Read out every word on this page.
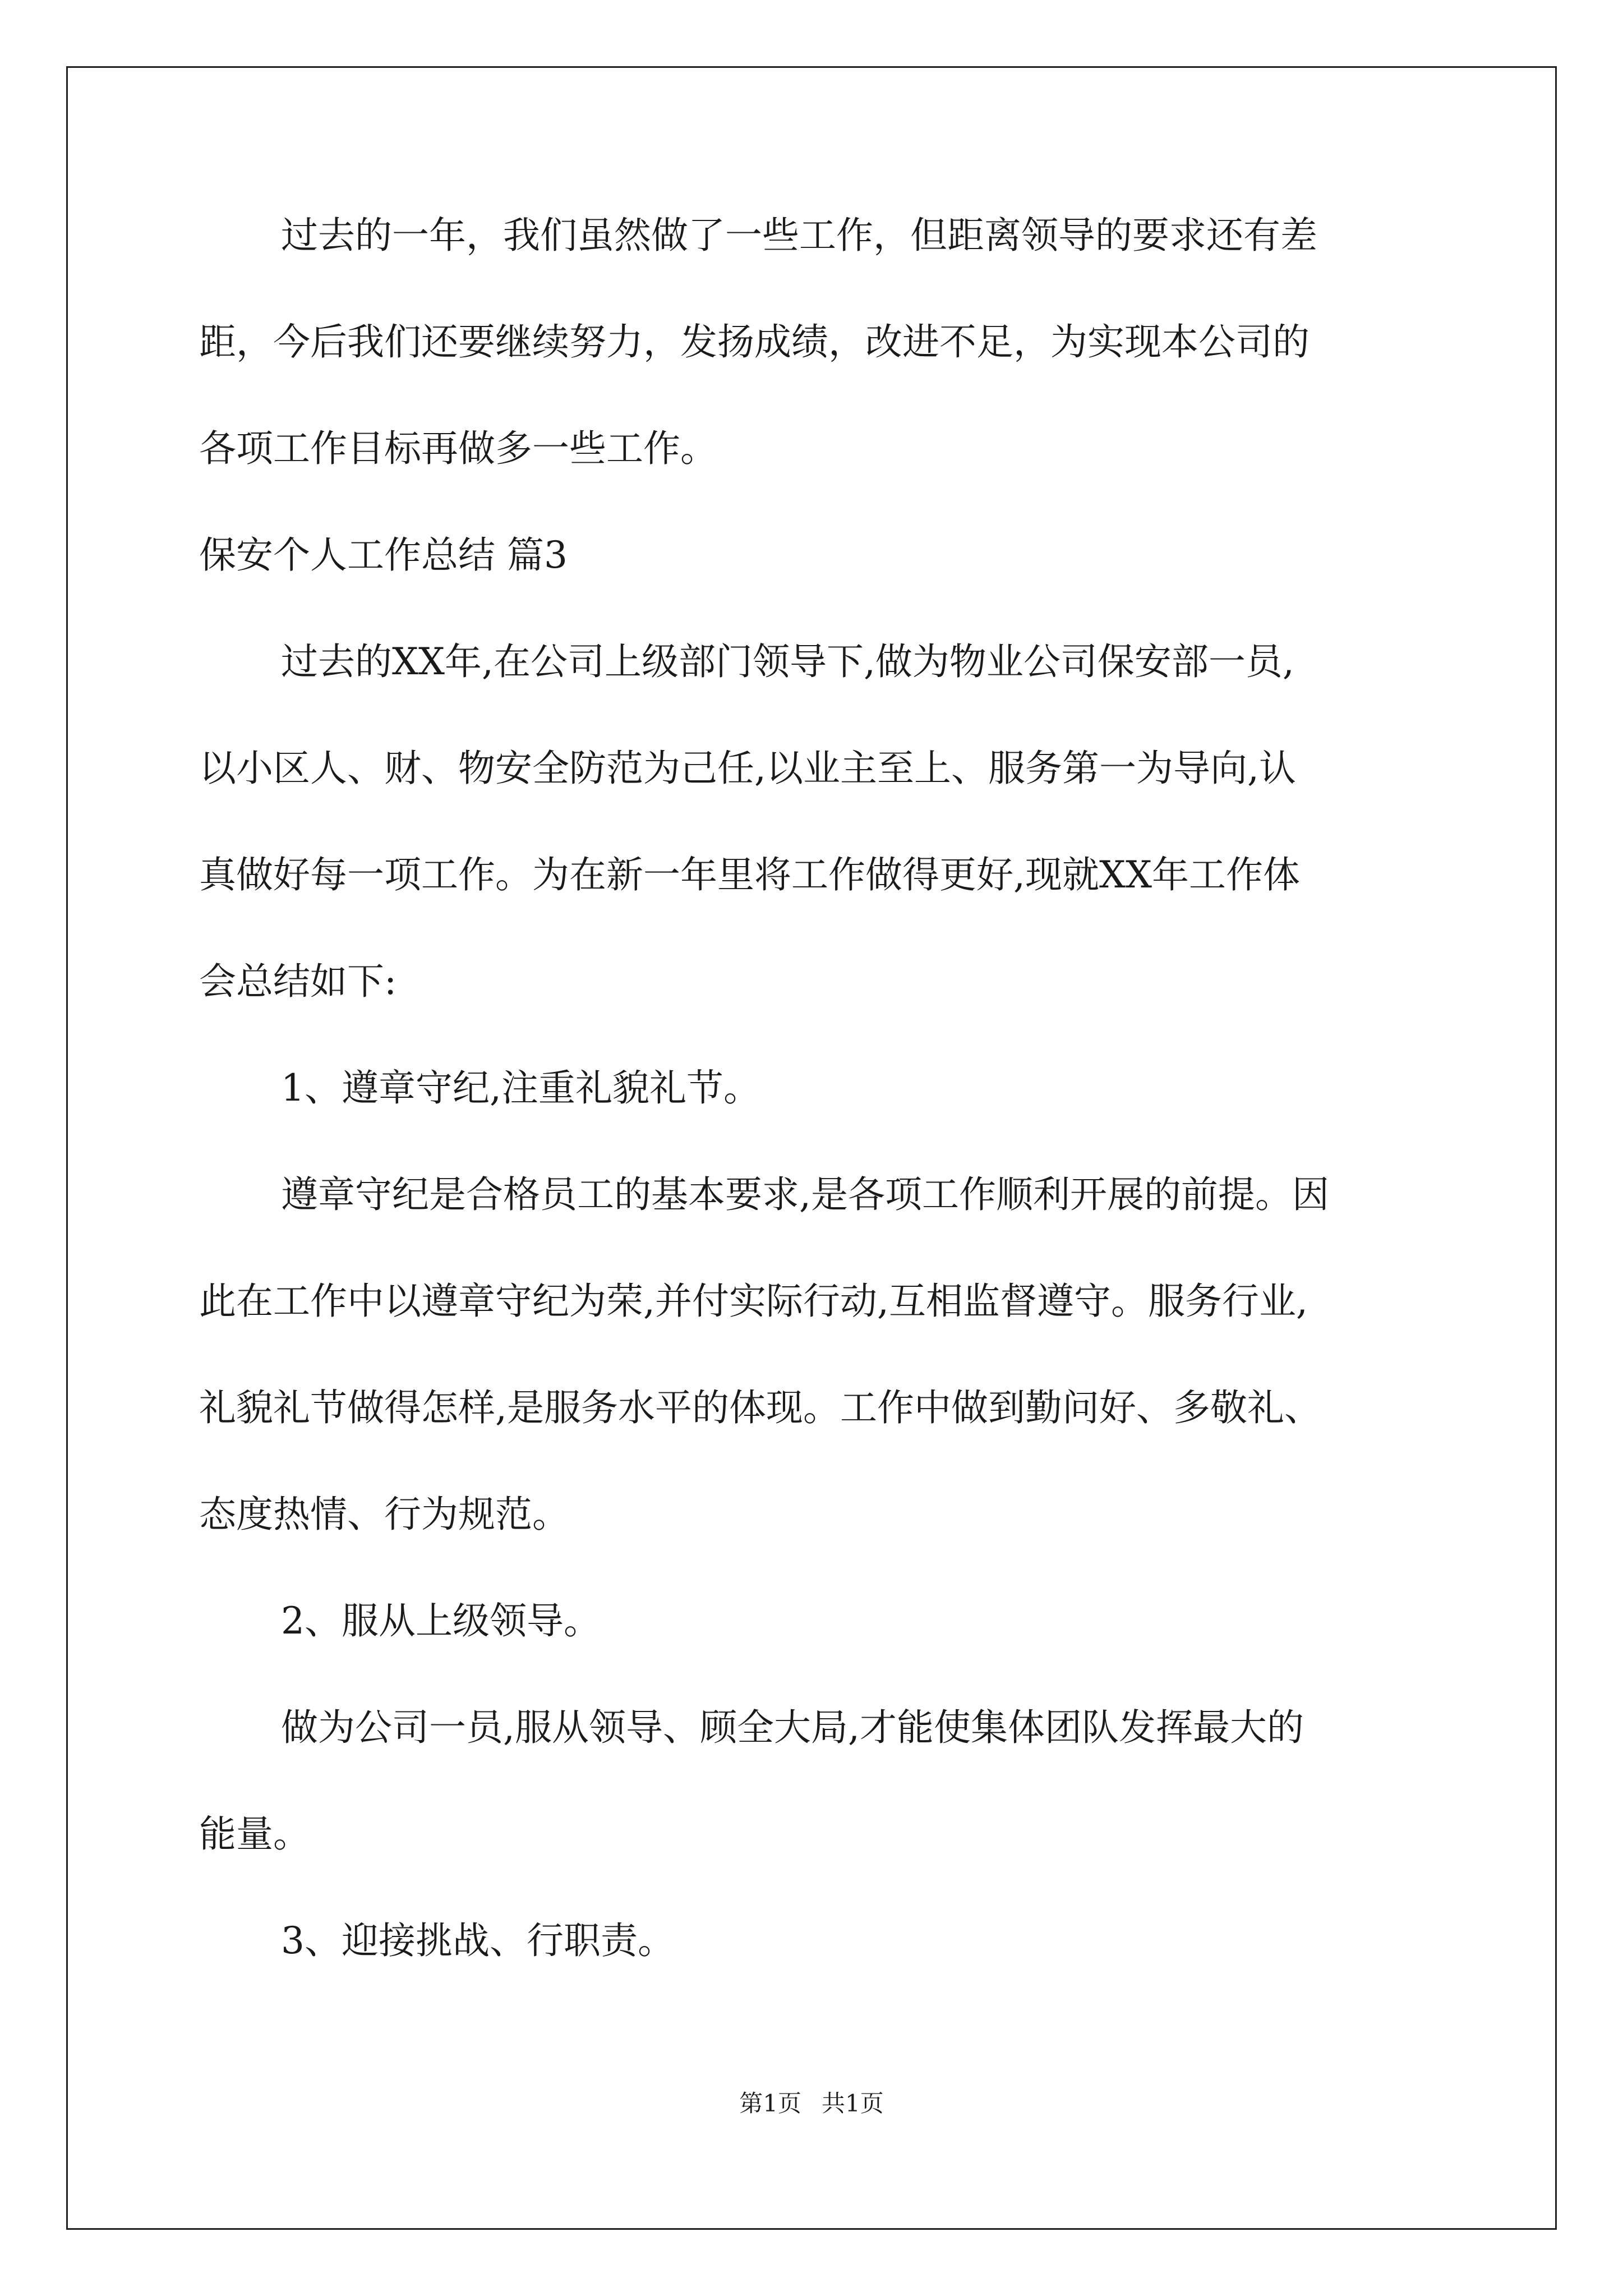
过去的一年，我们虽然做了一些工作，但距离领导的要求还有差
距，今后我们还要继续努力，发扬成绩，改进不足，为实现本公司的
各项工作目标再做多一些工作。
保安个人工作总结 篇3
过去的XX年,在公司上级部门领导下,做为物业公司保安部一员,
以小区人、财、物安全防范为己任,以业主至上、服务第一为导向,认
真做好每一项工作。为在新一年里将工作做得更好,现就XX年工作体
会总结如下:
1、遵章守纪,注重礼貌礼节。
遵章守纪是合格员工的基本要求,是各项工作顺利开展的前提。因
此在工作中以遵章守纪为荣,并付实际行动,互相监督遵守。服务行业,
礼貌礼节做得怎样,是服务水平的体现。工作中做到勤问好、多敬礼、
态度热情、行为规范。
2、服从上级领导。
做为公司一员,服从领导、顾全大局,才能使集体团队发挥最大的
能量。
3、迎接挑战、行职责。
第1页 共1页
